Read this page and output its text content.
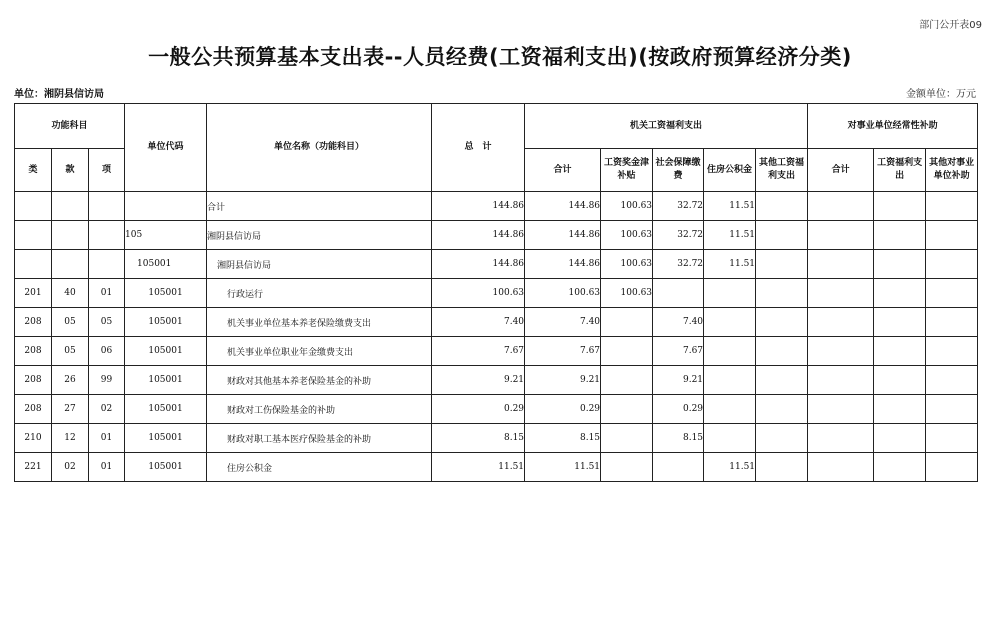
部门公开表09
一般公共预算基本支出表--人员经费(工资福利支出)(按政府预算经济分类)
单位：湘阴县信访局	金额单位：万元
功能科目			单位代码	单位名称（功能科目）	总　计	机关工资福利支出					对事业单位经常性补助		
类	款	项				合计	工资奖金津补贴	社会保障缴费	住房公积金	其他工资福利支出	合计	工资福利支出	其他对事业单位补助
				合计	144.86	144.86	100.63	32.72	11.51				
			105	湘阴县信访局	144.86	144.86	100.63	32.72	11.51				
			105001	湘阴县信访局	144.86	144.86	100.63	32.72	11.51				
201	40	01	105001	行政运行	100.63	100.63	100.63						
208	05	05	105001	机关事业单位基本养老保险缴费支出	7.40	7.40		7.40					
208	05	06	105001	机关事业单位职业年金缴费支出	7.67	7.67		7.67					
208	26	99	105001	财政对其他基本养老保险基金的补助	9.21	9.21		9.21					
208	27	02	105001	财政对工伤保险基金的补助	0.29	0.29		0.29					
210	12	01	105001	财政对职工基本医疗保险基金的补助	8.15	8.15		8.15					
221	02	01	105001	住房公积金	11.51	11.51			11.51				
